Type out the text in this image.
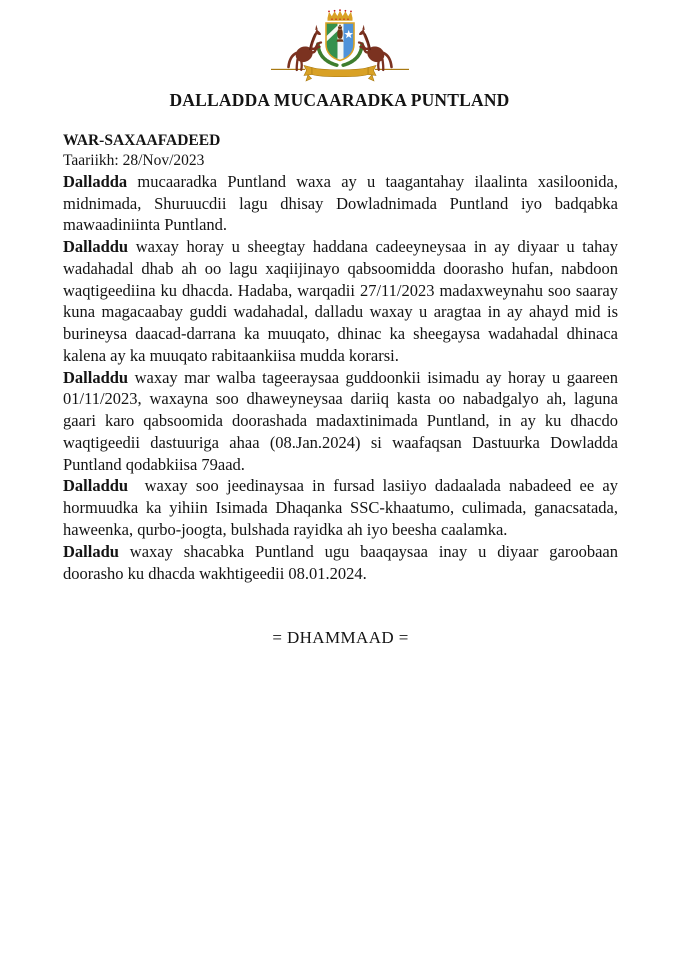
DALLADDA MUCAARADKA PUNTLAND
WAR-SAXAAFADEED
Taariikh: 28/Nov/2023

Dalladda mucaaradka Puntland waxa ay u taagantahay ilaalinta xasiloonida, midnimada, Shuruucdii lagu dhisay Dowladnimada Puntland iyo badqabka mawaadiniinta Puntland.

Dalladdu waxay horay u sheegtay haddana cadeeyneysaa in ay diyaar u tahay wadahadal dhab ah oo lagu xaqiijinayo qabsoomidda doorasho hufan, nabdoon waqtigeediina ku dhacda. Hadaba, warqadii 27/11/2023 madaxweynahu soo saaray kuna magacaabay guddi wadahadal, dalladu waxay u aragtaa in ay ahayd mid is burineysa daacad-darrana ka muuqato, dhinac ka sheegaysa wadahadal dhinaca kalena ay ka muuqato rabitaankiisa mudda korarsi.

Dalladdu waxay mar walba tageeraysaa guddoonkii isimadu ay horay u gaareen 01/11/2023, waxayna soo dhaweyneysaa dariiq kasta oo nabadgalyo ah, laguna gaari karo qabsoomida doorashada madaxtinimada Puntland, in ay ku dhacdo waqtigeedii dastuuriga ahaa (08.Jan.2024) si waafaqsan Dastuurka Dowladda Puntland qodabkiisa 79aad.

Dalladdu waxay soo jeedinaysaa in fursad lasiiyo dadaalada nabadeed ee ay hormuudka ka yihiin Isimada Dhaqanka SSC-khaatumo, culimada, ganacsatada, haweenka, qurbo-joogta, bulshada rayidka ah iyo beesha caalamka.

Dalladu waxay shacabka Puntland ugu baaqaysaa inay u diyaar garoobaan doorasho ku dhacda wakhtigeedii 08.01.2024.

= DHAMMAAD =
